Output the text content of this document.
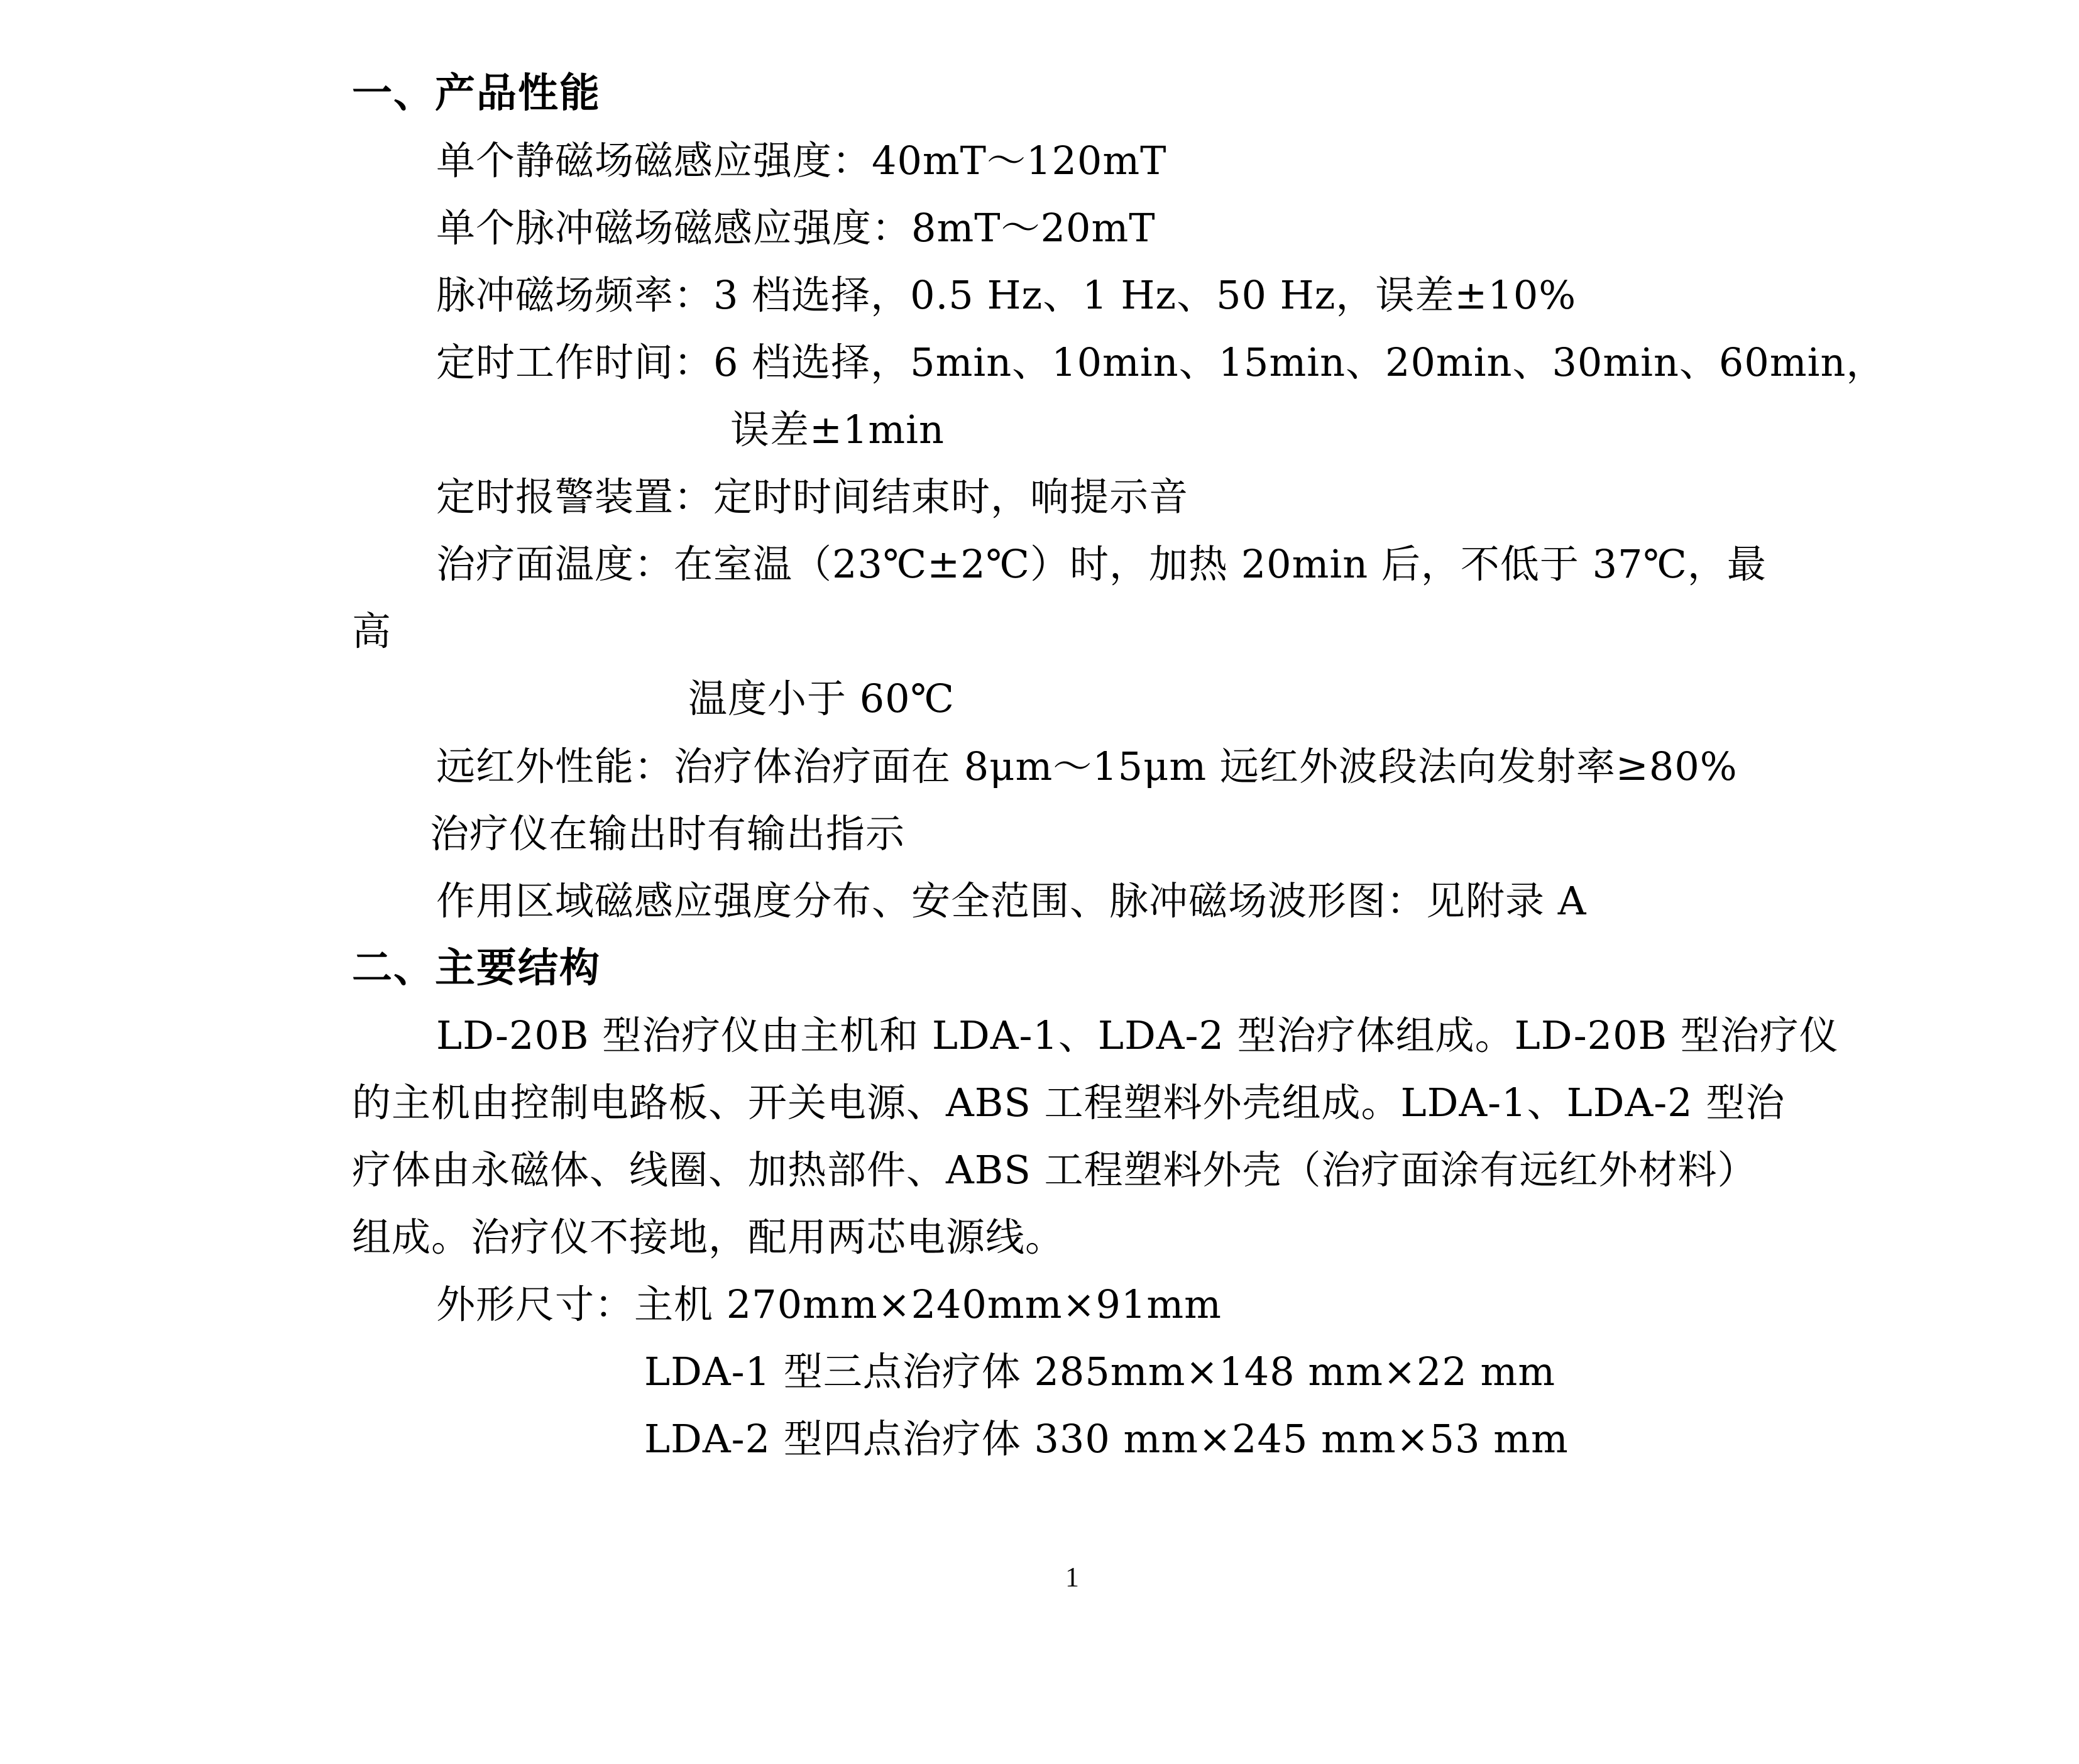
一、产品性能
单个静磁场磁感应强度：40mT～120mT
单个脉冲磁场磁感应强度：8mT～20mT
脉冲磁场频率：3 档选择，0.5 Hz、1 Hz、50 Hz，误差±10%
定时工作时间：6 档选择，5min、10min、15min、20min、30min、60min，
误差±1min
定时报警装置：定时时间结束时，响提示音
治疗面温度：在室温（23℃±2℃）时，加热 20min 后，不低于 37℃，最
高
温度小于 60℃
远红外性能：治疗体治疗面在 8μm～15μm 远红外波段法向发射率≥80%
治疗仪在输出时有输出指示
作用区域磁感应强度分布、安全范围、脉冲磁场波形图：见附录 A
二、主要结构
LD-20B 型治疗仪由主机和 LDA-1、LDA-2 型治疗体组成。LD-20B 型治疗仪
的主机由控制电路板、开关电源、ABS 工程塑料外壳组成。LDA-1、LDA-2 型治
疗体由永磁体、线圈、加热部件、ABS 工程塑料外壳（治疗面涂有远红外材料）
组成。治疗仪不接地，配用两芯电源线。
外形尺寸：主机 270mm×240mm×91mm
LDA-1 型三点治疗体 285mm×148 mm×22 mm
LDA-2 型四点治疗体 330 mm×245 mm×53 mm
1
